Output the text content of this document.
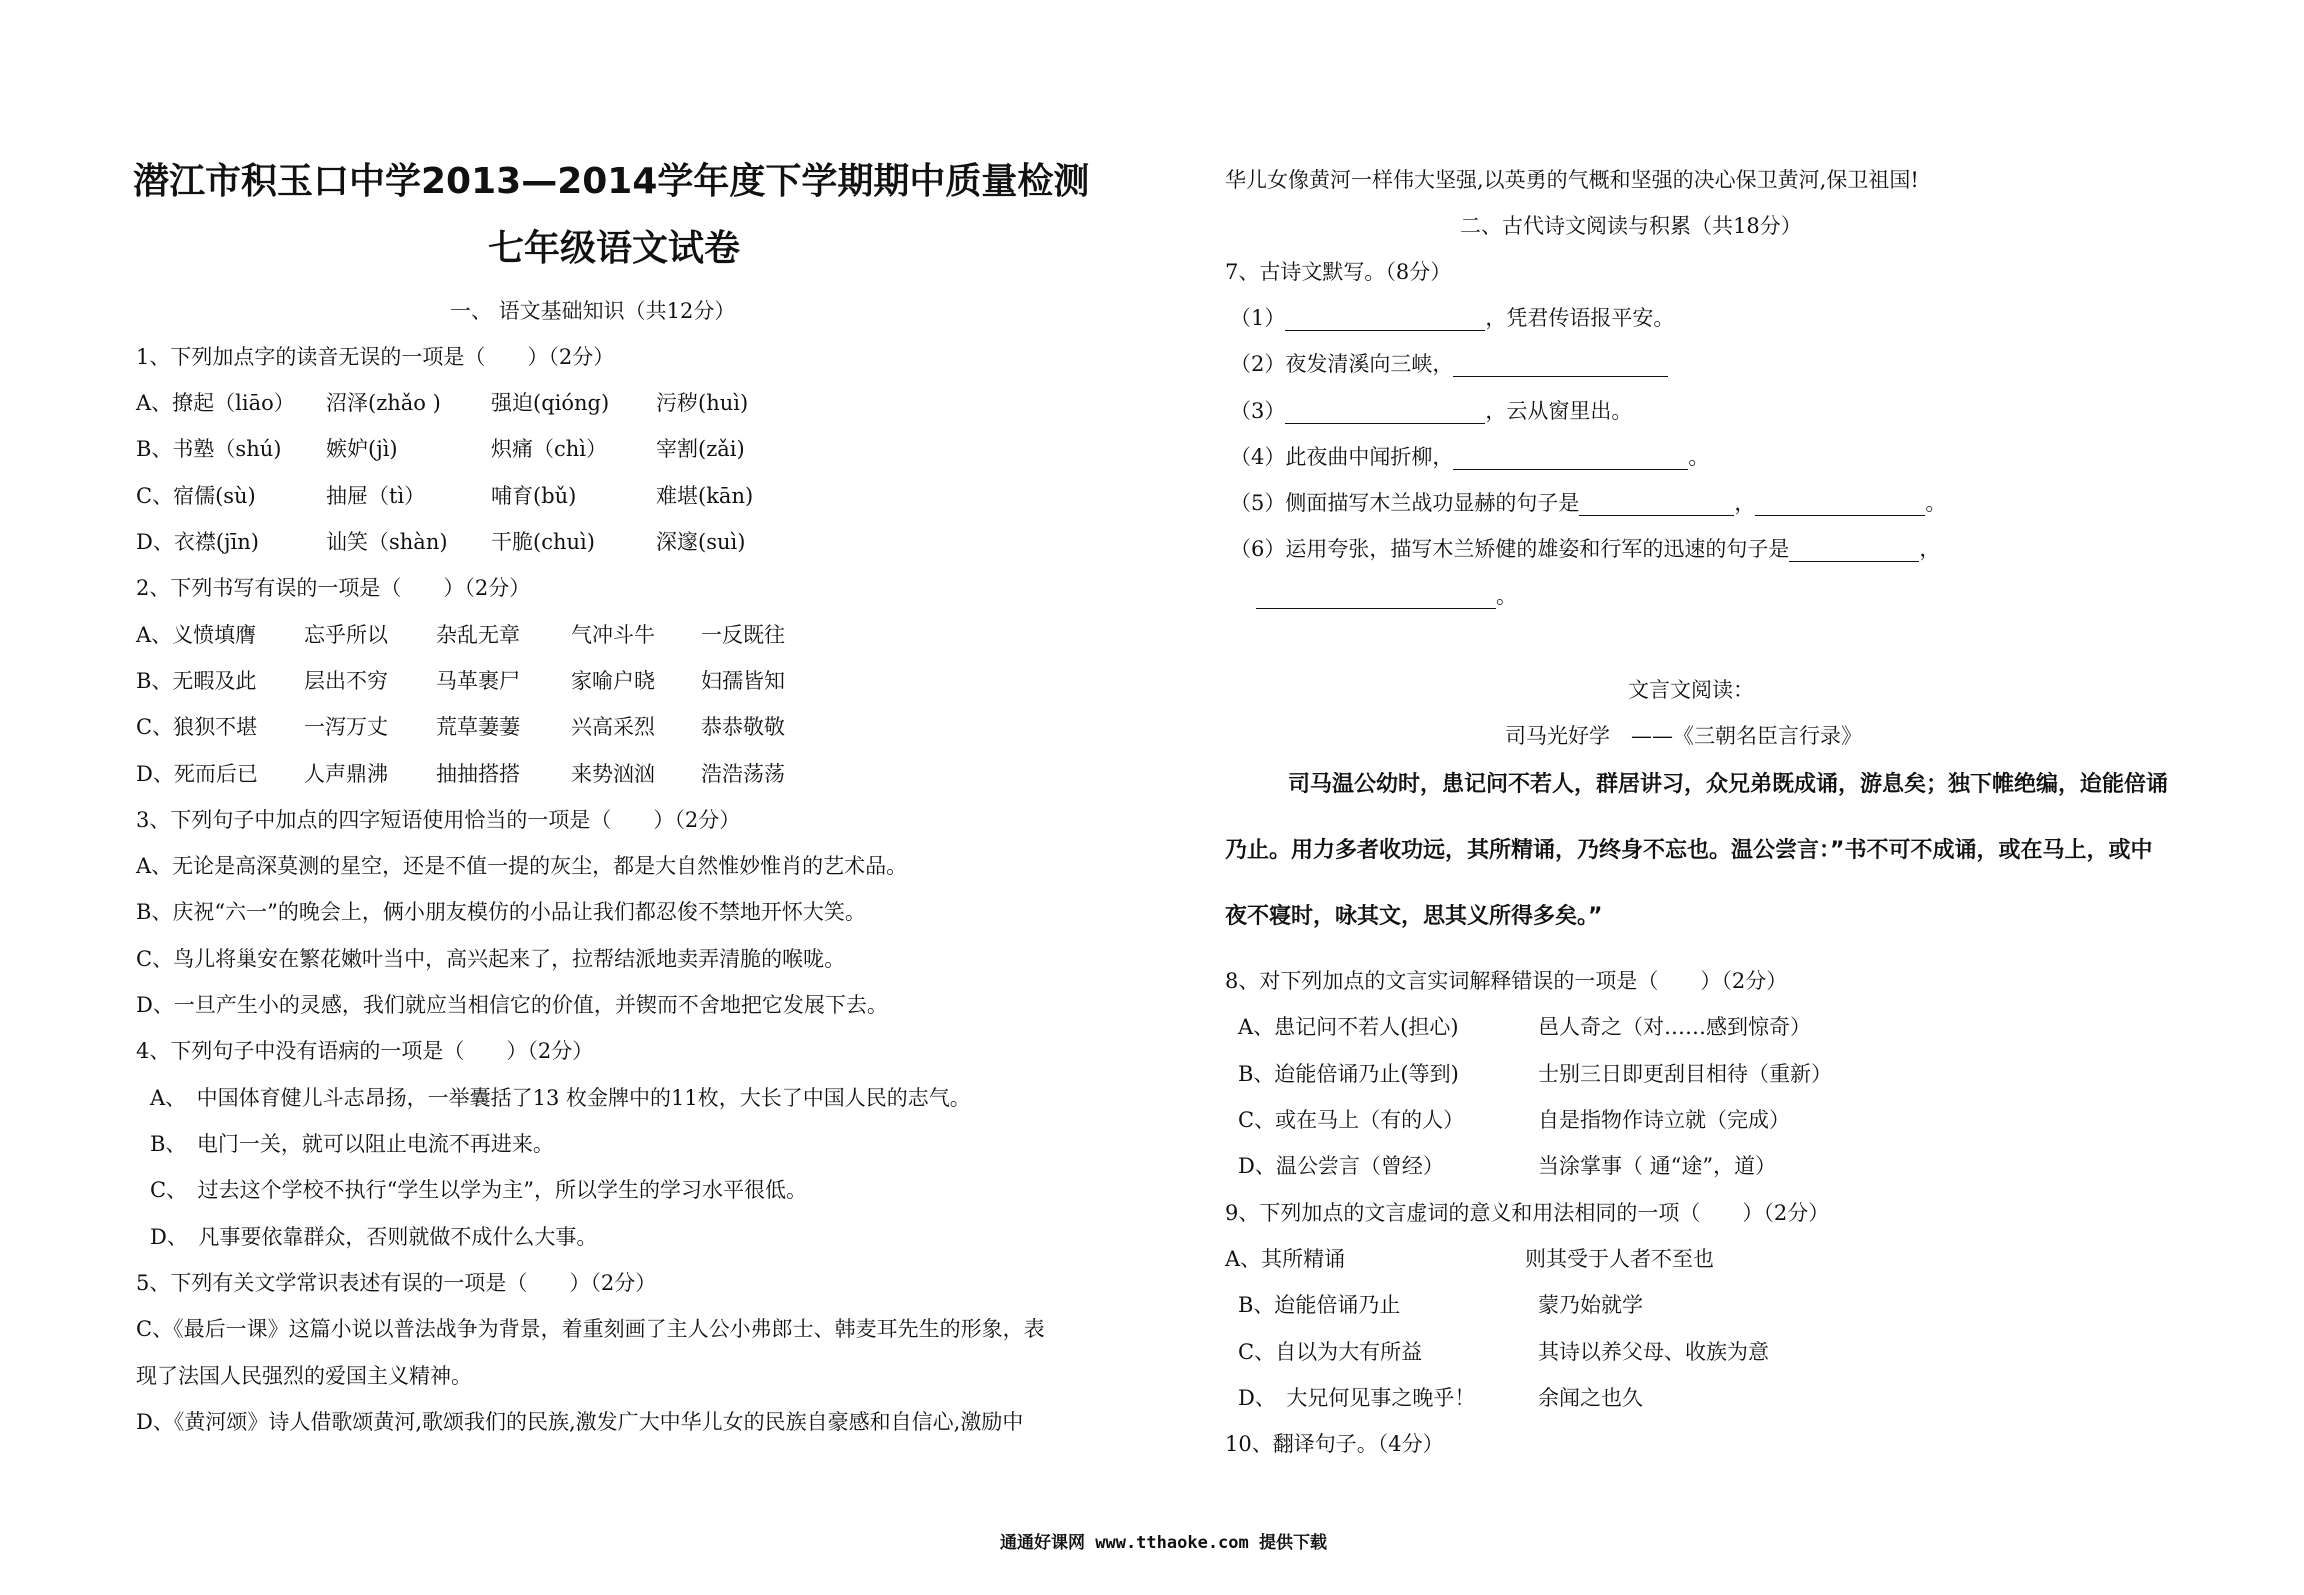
潜江市积玉口中学2013—2014学年度下学期期中质量检测
七年级语文试卷
一、 语文基础知识（共12分）
1、下列加点字的读音无误的一项是（　　）（2分）
A、撩起（liāo） 沼泽(zhǎo ) 强迫(qióng) 污秽(huì)
B、书塾（shú) 嫉妒(jì)	炽痛（chì） 宰割(zǎi)
C、宿儒(sù)	抽屉（tì）	哺育(bǔ)	难堪(kān)
D、衣襟(jīn)	讪笑（shàn) 干脆(chuì)	深邃(suì)
2、下列书写有误的一项是（　　）（2分）
A、义愤填膺 忘乎所以 杂乱无章 气冲斗牛 一反既往
B、无暇及此 层出不穷 马革裹尸 家喻户晓 妇孺皆知
C、狼狈不堪 一泻万丈 荒草萋萋 兴高采烈 恭恭敬敬
D、死而后已 人声鼎沸 抽抽搭搭 来势汹汹 浩浩荡荡
3、下列句子中加点的四字短语使用恰当的一项是（　　）（2分）
A、无论是高深莫测的星空，还是不值一提的灰尘，都是大自然惟妙惟肖的艺术品。
B、庆祝“六一”的晚会上，俩小朋友模仿的小品让我们都忍俊不禁地开怀大笑。
C、鸟儿将巢安在繁花嫩叶当中，高兴起来了，拉帮结派地卖弄清脆的喉咙。
D、一旦产生小的灵感，我们就应当相信它的价值，并锲而不舍地把它发展下去。
4、下列句子中没有语病的一项是（　　）（2分）
A、　中国体育健儿斗志昂扬，一举囊括了13 枚金牌中的11枚，大长了中国人民的志气。
B、　电门一关，就可以阻止电流不再进来。
C、　过去这个学校不执行“学生以学为主”，所以学生的学习水平很低。
D、　凡事要依靠群众，否则就做不成什么大事。
5、下列有关文学常识表述有误的一项是（　　）（2分）
C、《最后一课》这篇小说以普法战争为背景，着重刻画了主人公小弗郎士、韩麦耳先生的形象，表
现了法国人民强烈的爱国主义精神。
D、《黄河颂》诗人借歌颂黄河,歌颂我们的民族,激发广大中华儿女的民族自豪感和自信心,激励中
华儿女像黄河一样伟大坚强,以英勇的气概和坚强的决心保卫黄河,保卫祖国!
二、古代诗文阅读与积累（共18分）
7、古诗文默写。（8分）
（1）	，凭君传语报平安。
（2）夜发清溪向三峡，
（3）	，云从窗里出。
（4）此夜曲中闻折柳，	。
（5）侧面描写木兰战功显赫的句子是	，	。
（6）运用夸张，描写木兰矫健的雄姿和行军的迅速的句子是	，
。
文言文阅读：
司马光好学　——《三朝名臣言行录》
司马温公幼时，患记问不若人，群居讲习，众兄弟既成诵，游息矣；独下帷绝编，迨能倍诵
乃止。用力多者收功远，其所精诵，乃终身不忘也。温公尝言：”书不可不成诵，或在马上，或中
夜不寝时，咏其文，思其义所得多矣。”
8、对下列加点的文言实词解释错误的一项是（　　）（2分）
A、患记问不若人(担心)	邑人奇之（对……感到惊奇）
B、迨能倍诵乃止(等到)	士别三日即更刮目相待（重新）
C、或在马上（有的人）	自是指物作诗立就（完成）
D、温公尝言（曾经）	当涂掌事（ 通“途”，道）
9、下列加点的文言虚词的意义和用法相同的一项（　　）（2分）
A、其所精诵	则其受于人者不至也
B、迨能倍诵乃止	蒙乃始就学
C、自以为大有所益	其诗以养父母、收族为意
D、　大兄何见事之晚乎！	余闻之也久
10、翻译句子。（4分）
通通好课网 www.tthaoke.com 提供下载
